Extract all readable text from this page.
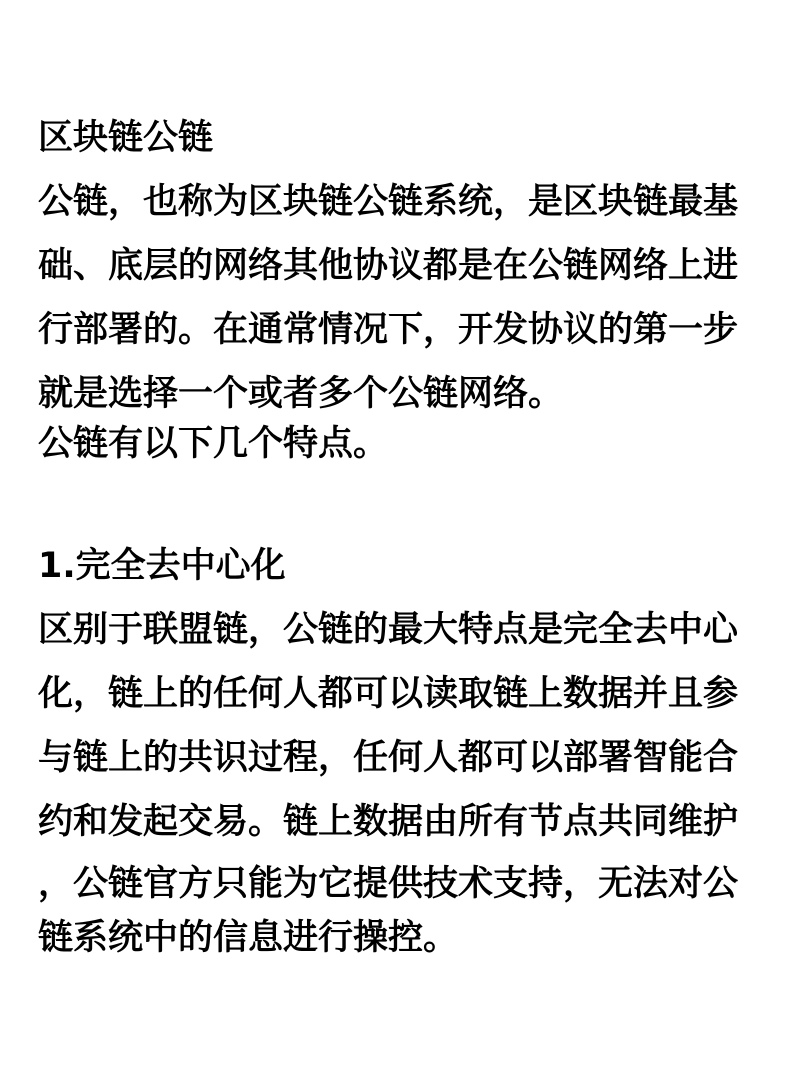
区块链公链
公链，也称为区块链公链系统，是区块链最基
础、底层的网络其他协议都是在公链网络上进
行部署的。在通常情况下，开发协议的第一步
就是选择一个或者多个公链网络。
公链有以下几个特点。
1.完全去中心化
区别于联盟链，公链的最大特点是完全去中心
化，链上的任何人都可以读取链上数据并且参
与链上的共识过程，任何人都可以部署智能合
约和发起交易。链上数据由所有节点共同维护
，公链官方只能为它提供技术支持，无法对公
链系统中的信息进行操控。
